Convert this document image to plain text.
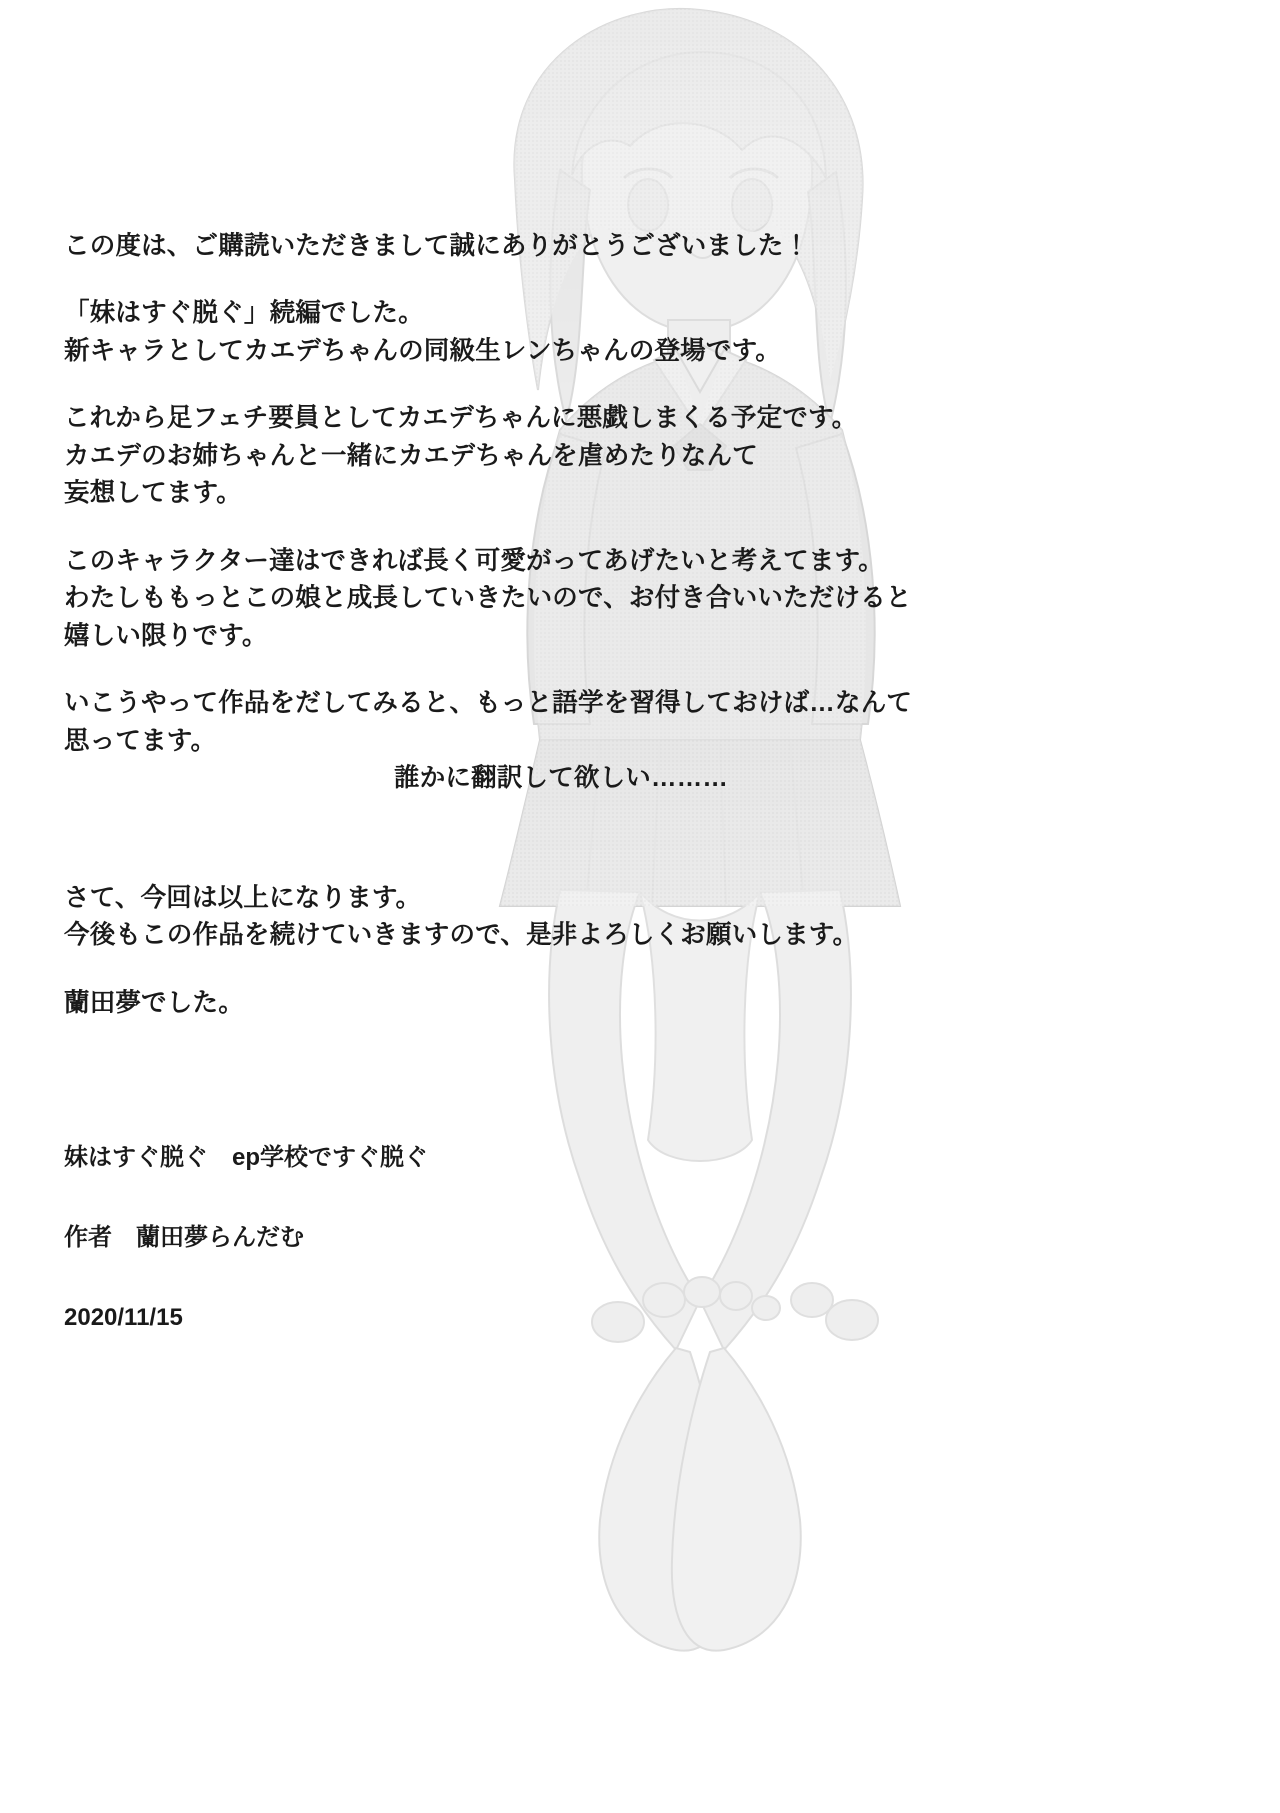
この度は、ご購読いただきまして誠にありがとうございました！
「妹はすぐ脱ぐ」続編でした。
新キャラとしてカエデちゃんの同級生レンちゃんの登場です。
これから足フェチ要員としてカエデちゃんに悪戯しまくる予定です。
カエデのお姉ちゃんと一緒にカエデちゃんを虐めたりなんて
妄想してます。
このキャラクター達はできれば長く可愛がってあげたいと考えてます。
わたしももっとこの娘と成長していきたいので、お付き合いいただけると
嬉しい限りです。
いこうやって作品をだしてみると、もっと語学を習得しておけば…なんて
思ってます。
誰かに翻訳して欲しい………
さて、今回は以上になります。
今後もこの作品を続けていきますので、是非よろしくお願いします。
蘭田夢でした。
妹はすぐ脱ぐ　ep学校ですぐ脱ぐ
作者　蘭田夢らんだむ
2020/11/15
